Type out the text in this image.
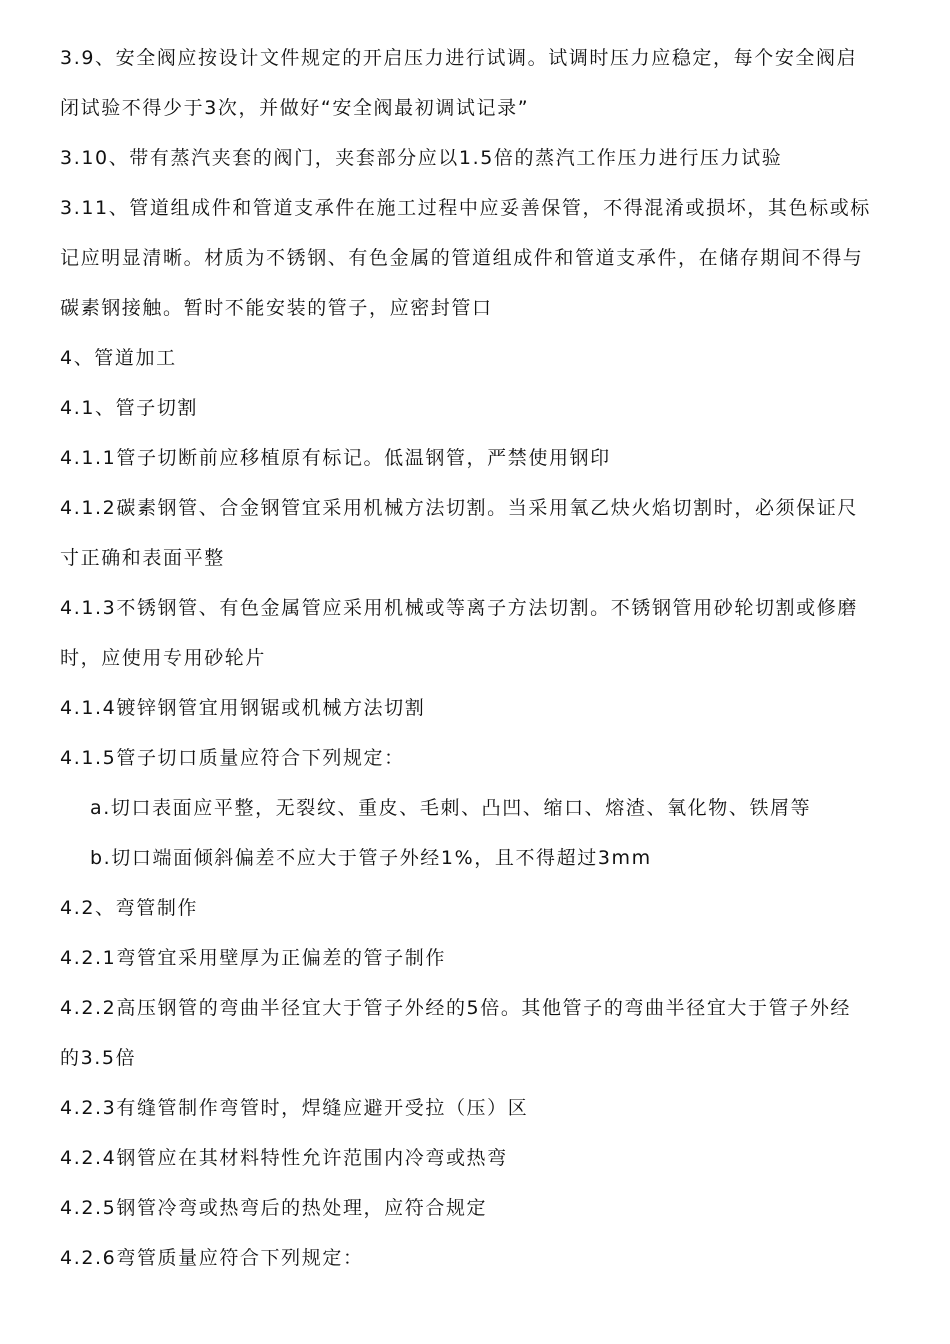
3.9、安全阀应按设计文件规定的开启压力进行试调。试调时压力应稳定，每个安全阀启
闭试验不得少于3次，并做好“安全阀最初调试记录”
3.10、带有蒸汽夹套的阀门，夹套部分应以1.5倍的蒸汽工作压力进行压力试验
3.11、管道组成件和管道支承件在施工过程中应妥善保管，不得混淆或损坏，其色标或标
记应明显清晰。材质为不锈钢、有色金属的管道组成件和管道支承件，在储存期间不得与
碳素钢接触。暂时不能安装的管子，应密封管口
4、管道加工
4.1、管子切割
4.1.1管子切断前应移植原有标记。低温钢管，严禁使用钢印
4.1.2碳素钢管、合金钢管宜采用机械方法切割。当采用氧乙炔火焰切割时，必须保证尺
寸正确和表面平整
4.1.3不锈钢管、有色金属管应采用机械或等离子方法切割。不锈钢管用砂轮切割或修磨
时，应使用专用砂轮片
4.1.4镀锌钢管宜用钢锯或机械方法切割
4.1.5管子切口质量应符合下列规定：
a.切口表面应平整，无裂纹、重皮、毛刺、凸凹、缩口、熔渣、氧化物、铁屑等
b.切口端面倾斜偏差不应大于管子外经1%，且不得超过3mm
4.2、弯管制作
4.2.1弯管宜采用壁厚为正偏差的管子制作
4.2.2高压钢管的弯曲半径宜大于管子外经的5倍。其他管子的弯曲半径宜大于管子外经
的3.5倍
4.2.3有缝管制作弯管时，焊缝应避开受拉（压）区
4.2.4钢管应在其材料特性允许范围内冷弯或热弯
4.2.5钢管冷弯或热弯后的热处理，应符合规定
4.2.6弯管质量应符合下列规定：
